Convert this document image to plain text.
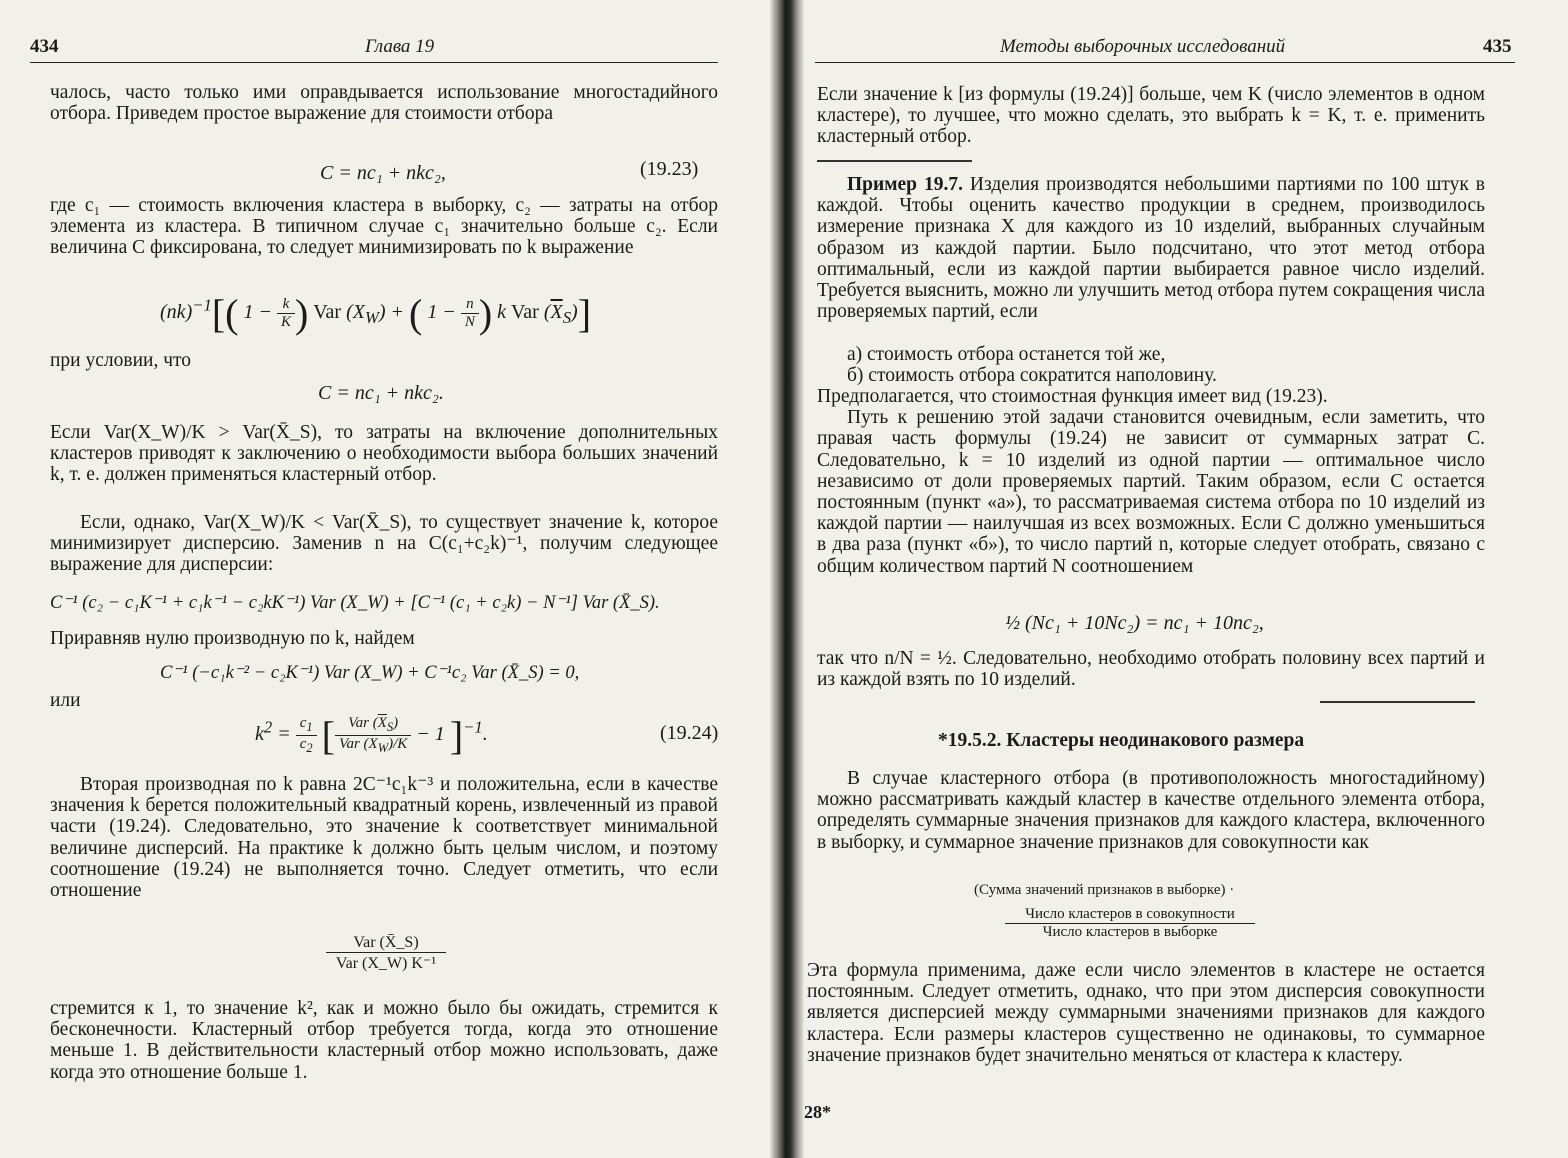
434	Глава 19

чалось, часто только ими оправдывается использование многостадийного отбора. Приведем простое выражение для стоимости отбора

C = nc₁ + nkc₂,	(19.23)

где c₁ — стоимость включения кластера в выборку, c₂ — затраты на отбор элемента из кластера. В типичном случае c₁ значительно больше c₂. Если величина C фиксирована, то следует минимизировать по k выражение

(nk)$^{-1}$[( $1 - \frac{k}{K}$ ) Var $(X_W)$ + ( $1 - \frac{n}{N}$ ) k Var $(\overline{X}_S)$]

при условии, что

C = nc₁ + nkc₂.

Если Var(X_W)/K > Var(X̄_S), то затраты на включение дополнительных кластеров приводят к заключению о необходимости выбора больших значений k, т. е. должен применяться кластерный отбор.

Если, однако, Var(X_W)/K < Var(X̄_S), то существует значение k, которое минимизирует дисперсию. Заменив n на C(c₁+c₂k)⁻¹, получим следующее выражение для дисперсии:

C⁻¹ (c₂ − c₁K⁻¹ + c₁k⁻¹ − c₂kK⁻¹) Var (X_W) + [C⁻¹ (c₁ + c₂k) − N⁻¹] Var (X̄_S).

Приравняв нулю производную по k, найдем

C⁻¹ (−c₁k⁻² − c₂K⁻¹) Var (X_W) + C⁻¹c₂ Var (X̄_S) = 0,

или

$k^2 = \frac{c_1}{c_2}$ [ $\frac{Var (\overline{X}_S)}{Var (X_W)/K} - 1$ ]$^{-1}$.	(19.24)

Вторая производная по k равна 2C⁻¹c₁k⁻³ и положительна, если в качестве значения k берется положительный квадратный корень, извлеченный из правой части (19.24). Следовательно, это значение k соответствует минимальной величине дисперсий. На практике k должно быть целым числом, и поэтому соотношение (19.24) не выполняется точно. Следует отметить, что если отношение

Var (X̄_S)
Var (X_W) K⁻¹

стремится к 1, то значение k², как и можно было бы ожидать, стремится к бесконечности. Кластерный отбор требуется тогда, когда это отношение меньше 1. В действительности кластерный отбор можно использовать, даже когда это отношение больше 1.

Методы выборочных исследований	435

Если значение k [из формулы (19.24)] больше, чем K (число элементов в одном кластере), то лучшее, что можно сделать, это выбрать k = K, т. е. применить кластерный отбор.

Пример 19.7. Изделия производятся небольшими партиями по 100 штук в каждой. Чтобы оценить качество продукции в среднем, производилось измерение признака X для каждого из 10 изделий, выбранных случайным образом из каждой партии. Было подсчитано, что этот метод отбора оптимальный, если из каждой партии выбирается равное число изделий. Требуется выяснить, можно ли улучшить метод отбора путем сокращения числа проверяемых партий, если

а) стоимость отбора останется той же,

б) стоимость отбора сократится наполовину.

Предполагается, что стоимостная функция имеет вид (19.23).

Путь к решению этой задачи становится очевидным, если заметить, что правая часть формулы (19.24) не зависит от суммарных затрат C. Следовательно, k = 10 изделий из одной партии — оптимальное число независимо от доли проверяемых партий. Таким образом, если C остается постоянным (пункт «а»), то рассматриваемая система отбора по 10 изделий из каждой партии — наилучшая из всех возможных. Если C должно уменьшиться в два раза (пункт «б»), то число партий n, которые следует отобрать, связано с общим количеством партий N соотношением

½ (Nc₁ + 10Nc₂) = nc₁ + 10nc₂,

так что n/N = ½. Следовательно, необходимо отобрать половину всех партий и из каждой взять по 10 изделий.

*19.5.2. Кластеры неодинакового размера

В случае кластерного отбора (в противоположность многостадийному) можно рассматривать каждый кластер в качестве отдельного элемента отбора, определять суммарные значения признаков для каждого кластера, включенного в выборку, и суммарное значение признаков для совокупности как

(Сумма значений признаков в выборке) ·
Число кластеров в совокупности
Число кластеров в выборке

Эта формула применима, даже если число элементов в кластере не остается постоянным. Следует отметить, однако, что при этом дисперсия совокупности является дисперсией между суммарными значениями признаков для каждого кластера. Если размеры кластеров существенно не одинаковы, то суммарное значение признаков будет значительно меняться от кластера к кластеру.

28*
